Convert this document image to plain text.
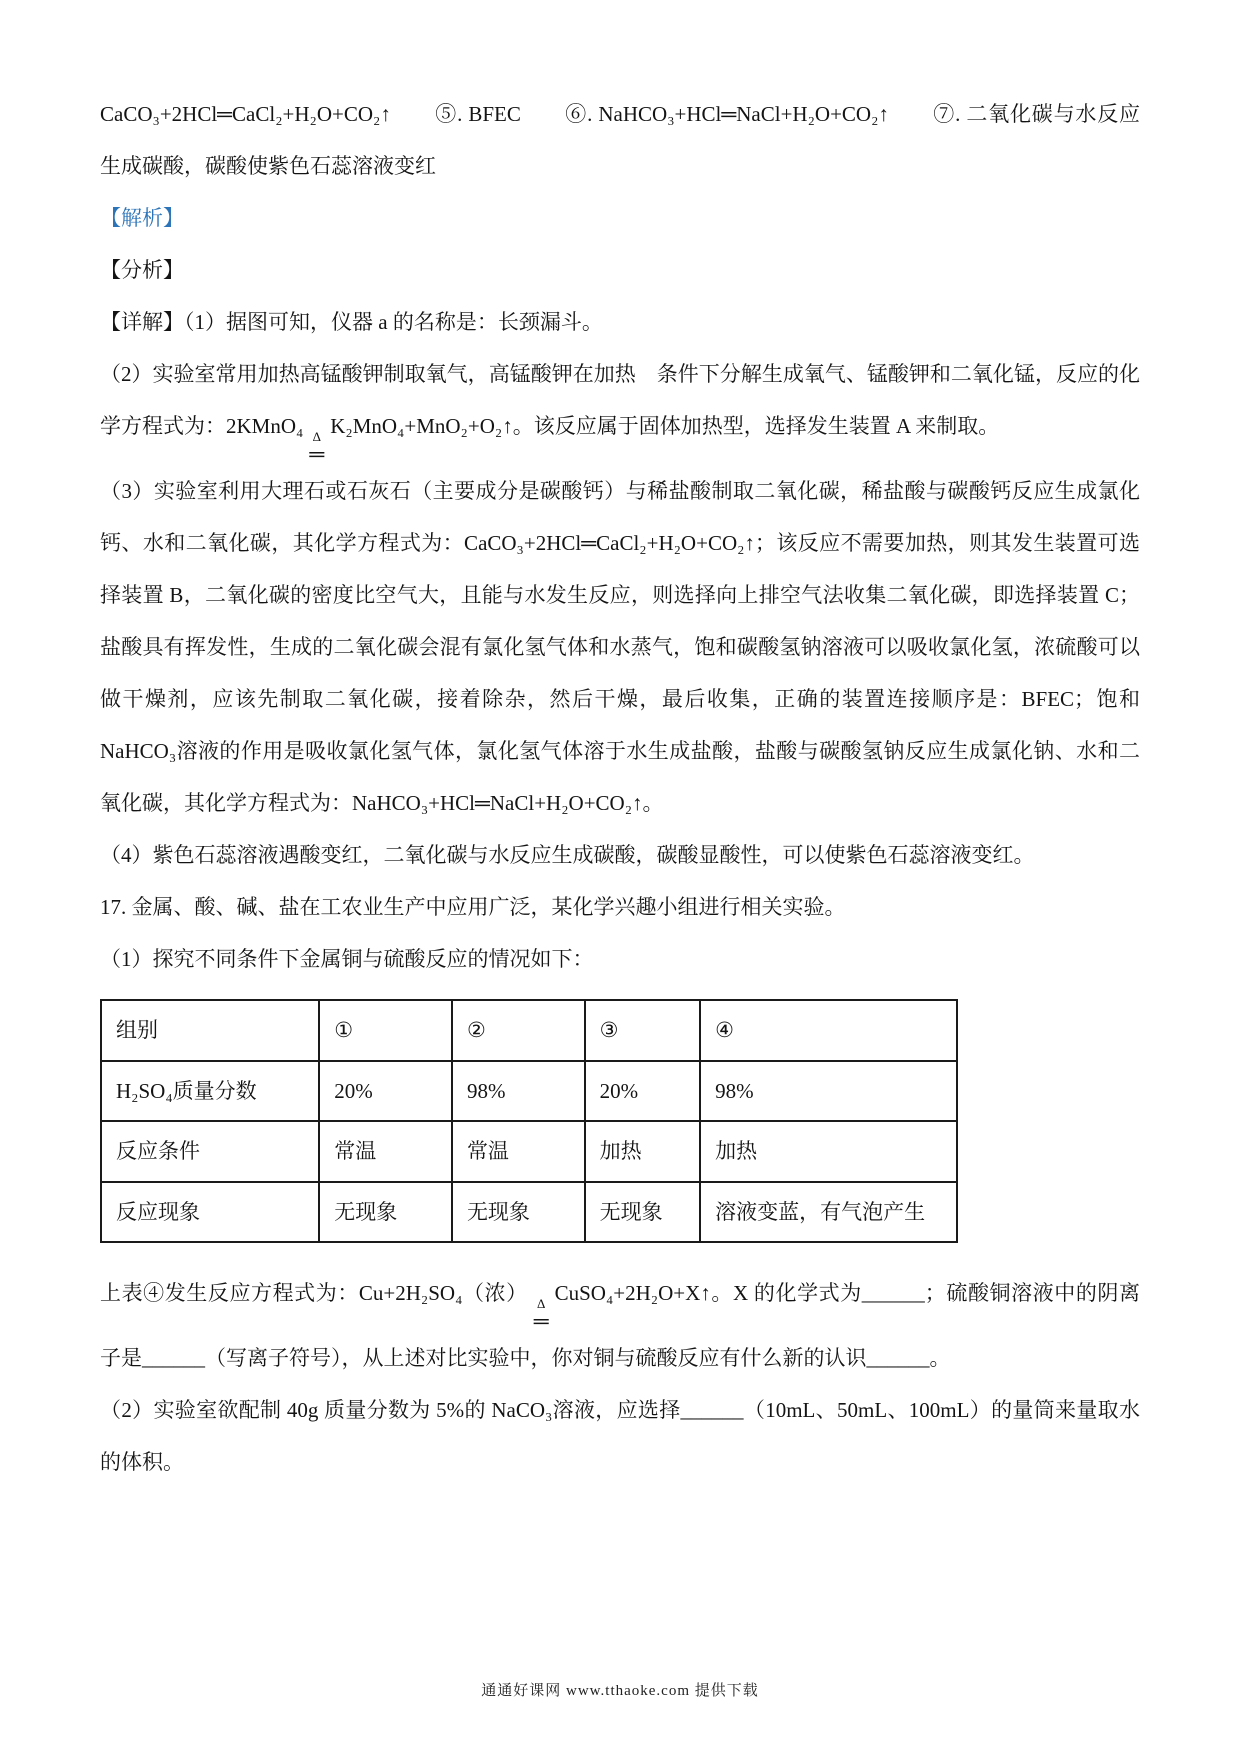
CaCO₃+2HCl═CaCl₂+H₂O+CO₂↑　　⑤. BFEC　　⑥. NaHCO₃+HCl═NaCl+H₂O+CO₂↑　　⑦. 二氧化碳与水反应生成碳酸，碳酸使紫色石蕊溶液变红

【解析】

【分析】

【详解】（1）据图可知，仪器 a 的名称是：长颈漏斗。

（2）实验室常用加热高锰酸钾制取氧气，高锰酸钾在加热　条件下分解生成氧气、锰酸钾和二氧化锰，反应的化学方程式为：2KMnO₄ Δ
═
K₂MnO₄+MnO₂+O₂↑。该反应属于固体加热型，选择发生装置 A 来制取。

（3）实验室利用大理石或石灰石（主要成分是碳酸钙）与稀盐酸制取二氧化碳，稀盐酸与碳酸钙反应生成氯化钙、水和二氧化碳，其化学方程式为：CaCO₃+2HCl═CaCl₂+H₂O+CO₂↑；该反应不需要加热，则其发生装置可选择装置 B，二氧化碳的密度比空气大，且能与水发生反应，则选择向上排空气法收集二氧化碳，即选择装置 C；盐酸具有挥发性，生成的二氧化碳会混有氯化氢气体和水蒸气，饱和碳酸氢钠溶液可以吸收氯化氢，浓硫酸可以做干燥剂，应该先制取二氧化碳，接着除杂，然后干燥，最后收集，正确的装置连接顺序是：BFEC；饱和 NaHCO₃溶液的作用是吸收氯化氢气体，氯化氢气体溶于水生成盐酸，盐酸与碳酸氢钠反应生成氯化钠、水和二氧化碳，其化学方程式为：NaHCO₃+HCl═NaCl+H₂O+CO₂↑。

（4）紫色石蕊溶液遇酸变红，二氧化碳与水反应生成碳酸，碳酸显酸性，可以使紫色石蕊溶液变红。

17. 金属、酸、碱、盐在工农业生产中应用广泛，某化学兴趣小组进行相关实验。

（1）探究不同条件下金属铜与硫酸反应的情况如下：

组别	①	②	③	④
H₂SO₄质量分数	20%	98%	20%	98%
反应条件	常温	常温	加热	加热
反应现象	无现象	无现象	无现象	溶液变蓝，有气泡产生

上表④发生反应方程式为：Cu+2H₂SO₄（浓） Δ
═
CuSO₄+2H₂O+X↑。X 的化学式为______；硫酸铜溶液中的阴离子是______（写离子符号），从上述对比实验中，你对铜与硫酸反应有什么新的认识______。

（2）实验室欲配制 40g 质量分数为 5%的 NaCO₃溶液，应选择______（10mL、50mL、100mL）的量筒来量取水的体积。

通通好课网 www.tthaoke.com 提供下载
